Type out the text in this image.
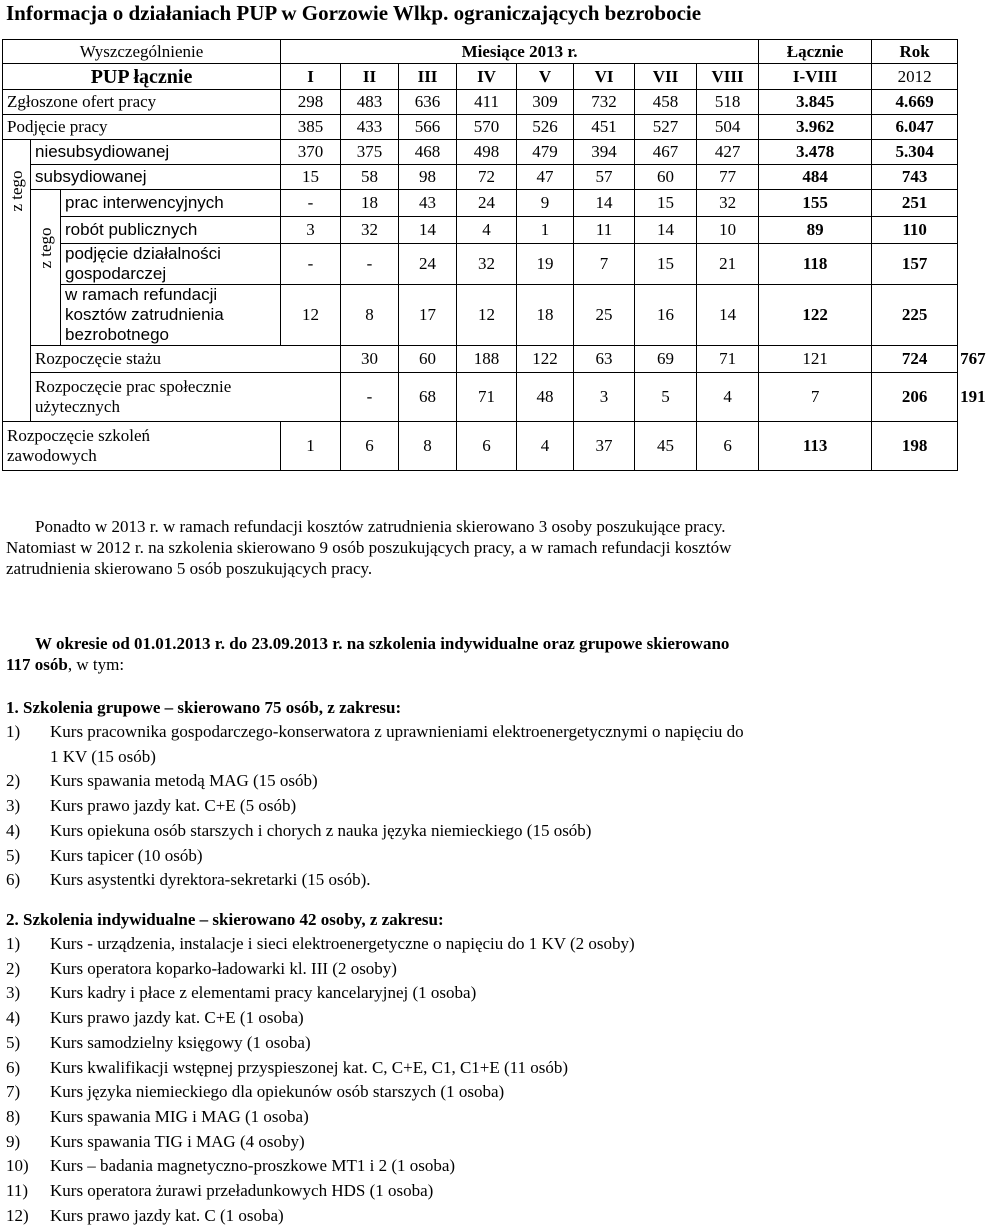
Informacja o działaniach PUP w Gorzowie Wlkp. ograniczających bezrobocie
Wyszczególnienie			Miesiące 2013 r.								Łącznie	Rok	
PUP łącznie			I	II	III	IV	V	VI	VII	VIII	I-VIII	2012	
Zgłoszone ofert pracy			298	483	636	411	309	732	458	518	3.845	4.669	
Podjęcie pracy			385	433	566	570	526	451	527	504	3.962	6.047	

z tego	niesubsydiowanej		370	375	468	498	479	394	467	427	3.478	5.304	
	subsydiowanej		15	58	98	72	47	57	60	77	484	743	

	z tego	prac interwencyjnych	-	18	43	24	9	14	15	32	155	251	
		robót publicznych	3	32	14	4	1	11	14	10	89	110	

		podjęcie działalności
gospodarczej	-	-	24	32	19	7	15	21	118	157	

		w ramach refundacji
kosztów zatrudnienia
bezrobotnego	12	8	17	12	18	25	16	14	122	225	
	Rozpoczęcie stażu			30	60	188	122	63	69	71	121	724	767

	Rozpoczęcie prac społecznie
użytecznych			-	68	71	48	3	5	4	7	206	191

Rozpoczęcie szkoleń
zawodowych			1	6	8	6	4	37	45	6	113	198	
Ponadto w 2013 r. w ramach refundacji kosztów zatrudnienia skierowano 3 osoby poszukujące pracy.
Natomiast w 2012 r. na szkolenia skierowano 9 osób poszukujących pracy, a w ramach refundacji kosztów
zatrudnienia skierowano 5 osób poszukujących pracy.
W okresie od 01.01.2013 r. do 23.09.2013 r. na szkolenia indywidualne oraz grupowe skierowano
117 osób, w tym:
1. Szkolenia grupowe – skierowano 75 osób, z zakresu:
1) Kurs pracownika gospodarczego-konserwatora z uprawnieniami elektroenergetycznymi o napięciu do
1 KV (15 osób)
2) Kurs spawania metodą MAG (15 osób)
3) Kurs prawo jazdy kat. C+E (5 osób)
4) Kurs opiekuna osób starszych i chorych z nauka języka niemieckiego (15 osób)
5) Kurs tapicer (10 osób)
6) Kurs asystentki dyrektora-sekretarki (15 osób).
2. Szkolenia indywidualne – skierowano 42 osoby, z zakresu:
1) Kurs - urządzenia, instalacje i sieci elektroenergetyczne o napięciu do 1 KV (2 osoby)
2) Kurs operatora koparko-ładowarki kl. III (2 osoby)
3) Kurs kadry i płace z elementami pracy kancelaryjnej (1 osoba)
4) Kurs prawo jazdy kat. C+E (1 osoba)
5) Kurs samodzielny księgowy (1 osoba)
6) Kurs kwalifikacji wstępnej przyspieszonej kat. C, C+E, C1, C1+E (11 osób)
7) Kurs języka niemieckiego dla opiekunów osób starszych (1 osoba)
8) Kurs spawania MIG i MAG (1 osoba)
9) Kurs spawania TIG i MAG (4 osoby)
10) Kurs – badania magnetyczno-proszkowe MT1 i 2 (1 osoba)
11) Kurs operatora żurawi przeładunkowych HDS (1 osoba)
12) Kurs prawo jazdy kat. C (1 osoba)
